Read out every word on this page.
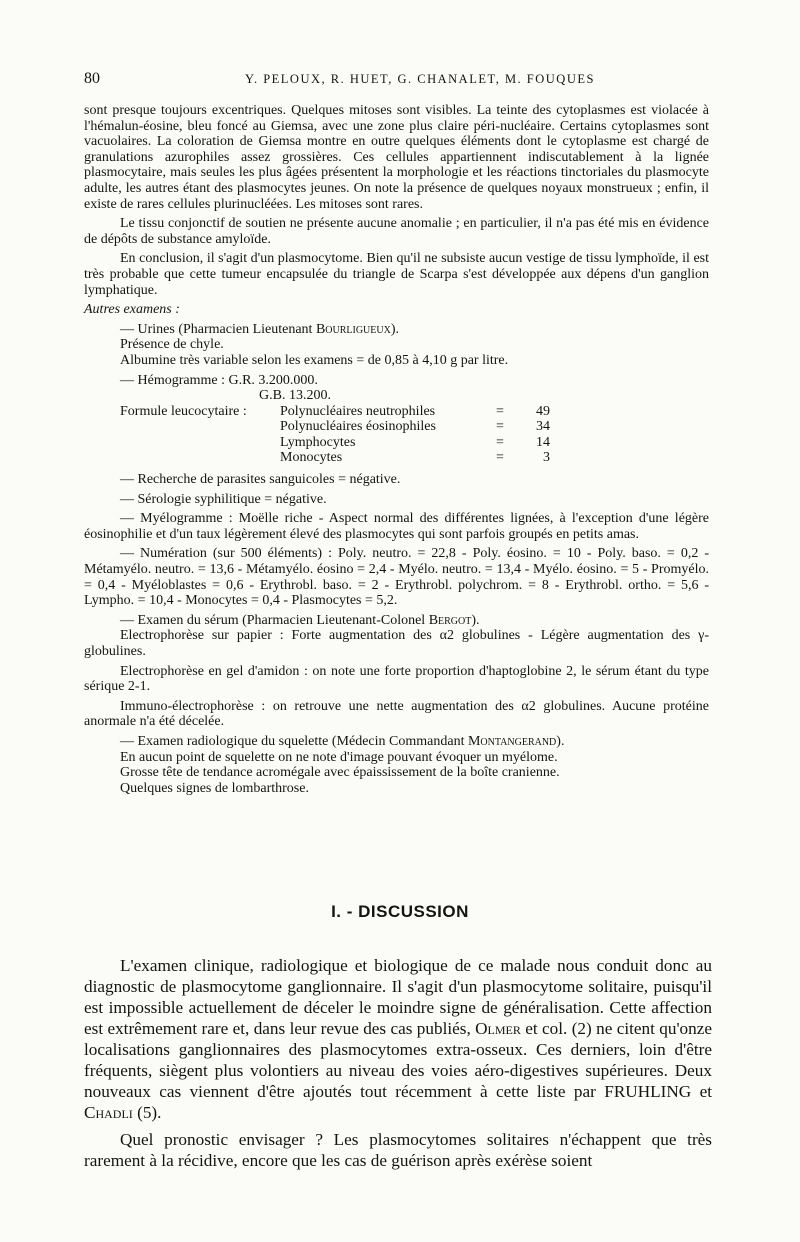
80	Y. PELOUX, R. HUET, G. CHANALET, M. FOUQUES

sont presque toujours excentriques. Quelques mitoses sont visibles. La teinte des cytoplasmes est violacée à l'hémalun-éosine, bleu foncé au Giemsa, avec une zone plus claire péri-nucléaire. Certains cytoplasmes sont vacuolaires. La coloration de Giemsa montre en outre quelques éléments dont le cytoplasme est chargé de granulations azurophiles assez grossières. Ces cellules appartiennent indiscutablement à la lignée plasmocytaire, mais seules les plus âgées présentent la morphologie et les réactions tinctoriales du plasmocyte adulte, les autres étant des plasmocytes jeunes. On note la présence de quelques noyaux monstrueux ; enfin, il existe de rares cellules plurinucléées. Les mitoses sont rares.

Le tissu conjonctif de soutien ne présente aucune anomalie ; en particulier, il n'a pas été mis en évidence de dépôts de substance amyloïde.

En conclusion, il s'agit d'un plasmocytome. Bien qu'il ne subsiste aucun vestige de tissu lymphoïde, il est très probable que cette tumeur encapsulée du triangle de Scarpa s'est développée aux dépens d'un ganglion lymphatique.

Autres examens :

— Urines (Pharmacien Lieutenant Bourligueux).
Présence de chyle.
Albumine très variable selon les examens = de 0,85 à 4,10 g par litre.
— Hémogramme : G.R. 3.200.000.
G.B. 13.200.
Formule leucocytaire :	Polynucléaires neutrophiles	=	49
Polynucléaires éosinophiles	=	34
Lymphocytes	=	14
Monocytes	=	3

— Recherche de parasites sanguicoles = négative.

— Sérologie syphilitique = négative.

— Myélogramme : Moëlle riche - Aspect normal des différentes lignées, à l'exception d'une légère éosinophilie et d'un taux légèrement élevé des plasmocytes qui sont parfois groupés en petits amas.

— Numération (sur 500 éléments) : Poly. neutro. = 22,8 - Poly. éosino. = 10 - Poly. baso. = 0,2 - Métamyélo. neutro. = 13,6 - Métamyélo. éosino = 2,4 - Myélo. neutro. = 13,4 - Myélo. éosino. = 5 - Promyélo. = 0,4 - Myéloblastes = 0,6 - Erythrobl. baso. = 2 - Erythrobl. polychrom. = 8 - Erythrobl. ortho. = 5,6 - Lympho. = 10,4 - Monocytes = 0,4 - Plasmocytes = 5,2.

— Examen du sérum (Pharmacien Lieutenant-Colonel Bergot).

Electrophorèse sur papier : Forte augmentation des α2 globulines - Légère augmentation des γ-globulines.

Electrophorèse en gel d'amidon : on note une forte proportion d'haptoglobine 2, le sérum étant du type sérique 2-1.

Immuno-électrophorèse : on retrouve une nette augmentation des α2 globulines. Aucune protéine anormale n'a été décelée.

— Examen radiologique du squelette (Médecin Commandant Montangerand).
En aucun point de squelette on ne note d'image pouvant évoquer un myélome.
Grosse tête de tendance acromégale avec épaississement de la boîte cranienne.
Quelques signes de lombarthrose.
I. - DISCUSSION

L'examen clinique, radiologique et biologique de ce malade nous conduit donc au diagnostic de plasmocytome ganglionnaire. Il s'agit d'un plasmocytome solitaire, puisqu'il est impossible actuellement de déceler le moindre signe de généralisation. Cette affection est extrêmement rare et, dans leur revue des cas publiés, Olmer et col. (2) ne citent qu'onze localisations ganglionnaires des plasmocytomes extra-osseux. Ces derniers, loin d'être fréquents, siègent plus volontiers au niveau des voies aéro-digestives supérieures. Deux nouveaux cas viennent d'être ajoutés tout récemment à cette liste par FRUHLING et Chadli (5).

Quel pronostic envisager ? Les plasmocytomes solitaires n'échappent que très rarement à la récidive, encore que les cas de guérison après exérèse soient
